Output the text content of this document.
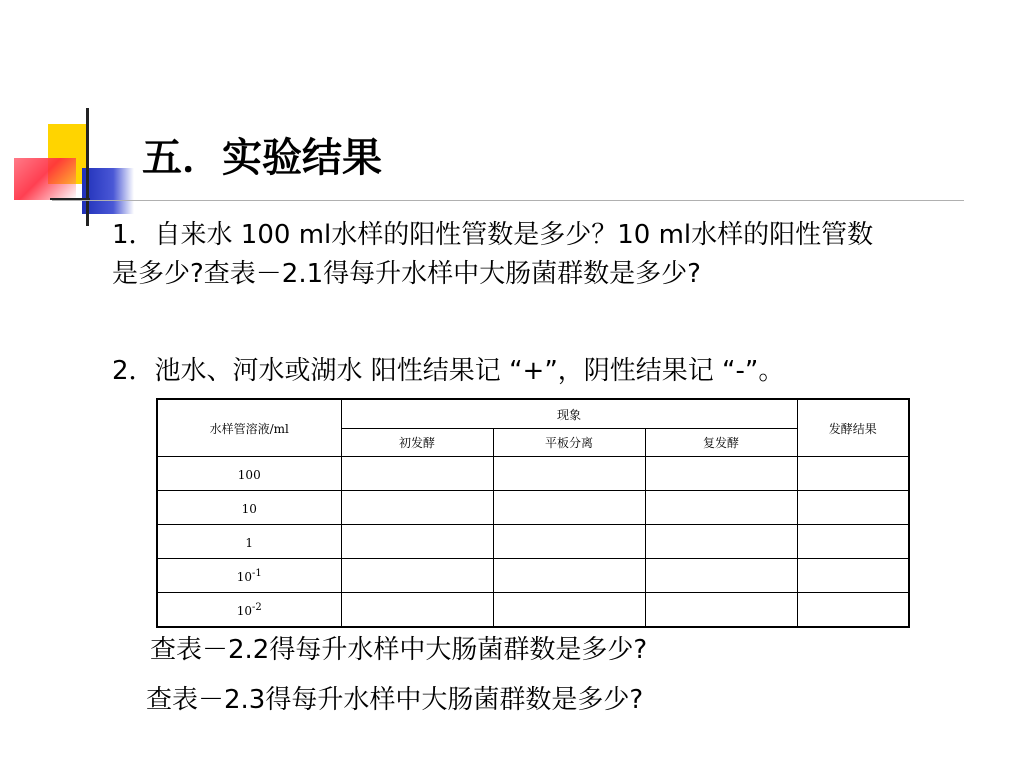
五．实验结果

1．自来水 100 ml水样的阳性管数是多少？10 ml水样的阳性管数是多少?查表－2.1得每升水样中大肠菌群数是多少?

2．池水、河水或湖水 阳性结果记 “+”，阴性结果记 “-”。

水样管溶液/ml	现象			发酵结果
	初发酵	平板分离	复发酵	
100				
10				
1				
$10^{-1}$				
$10^{-2}$				

查表－2.2得每升水样中大肠菌群数是多少?

查表－2.3得每升水样中大肠菌群数是多少?
